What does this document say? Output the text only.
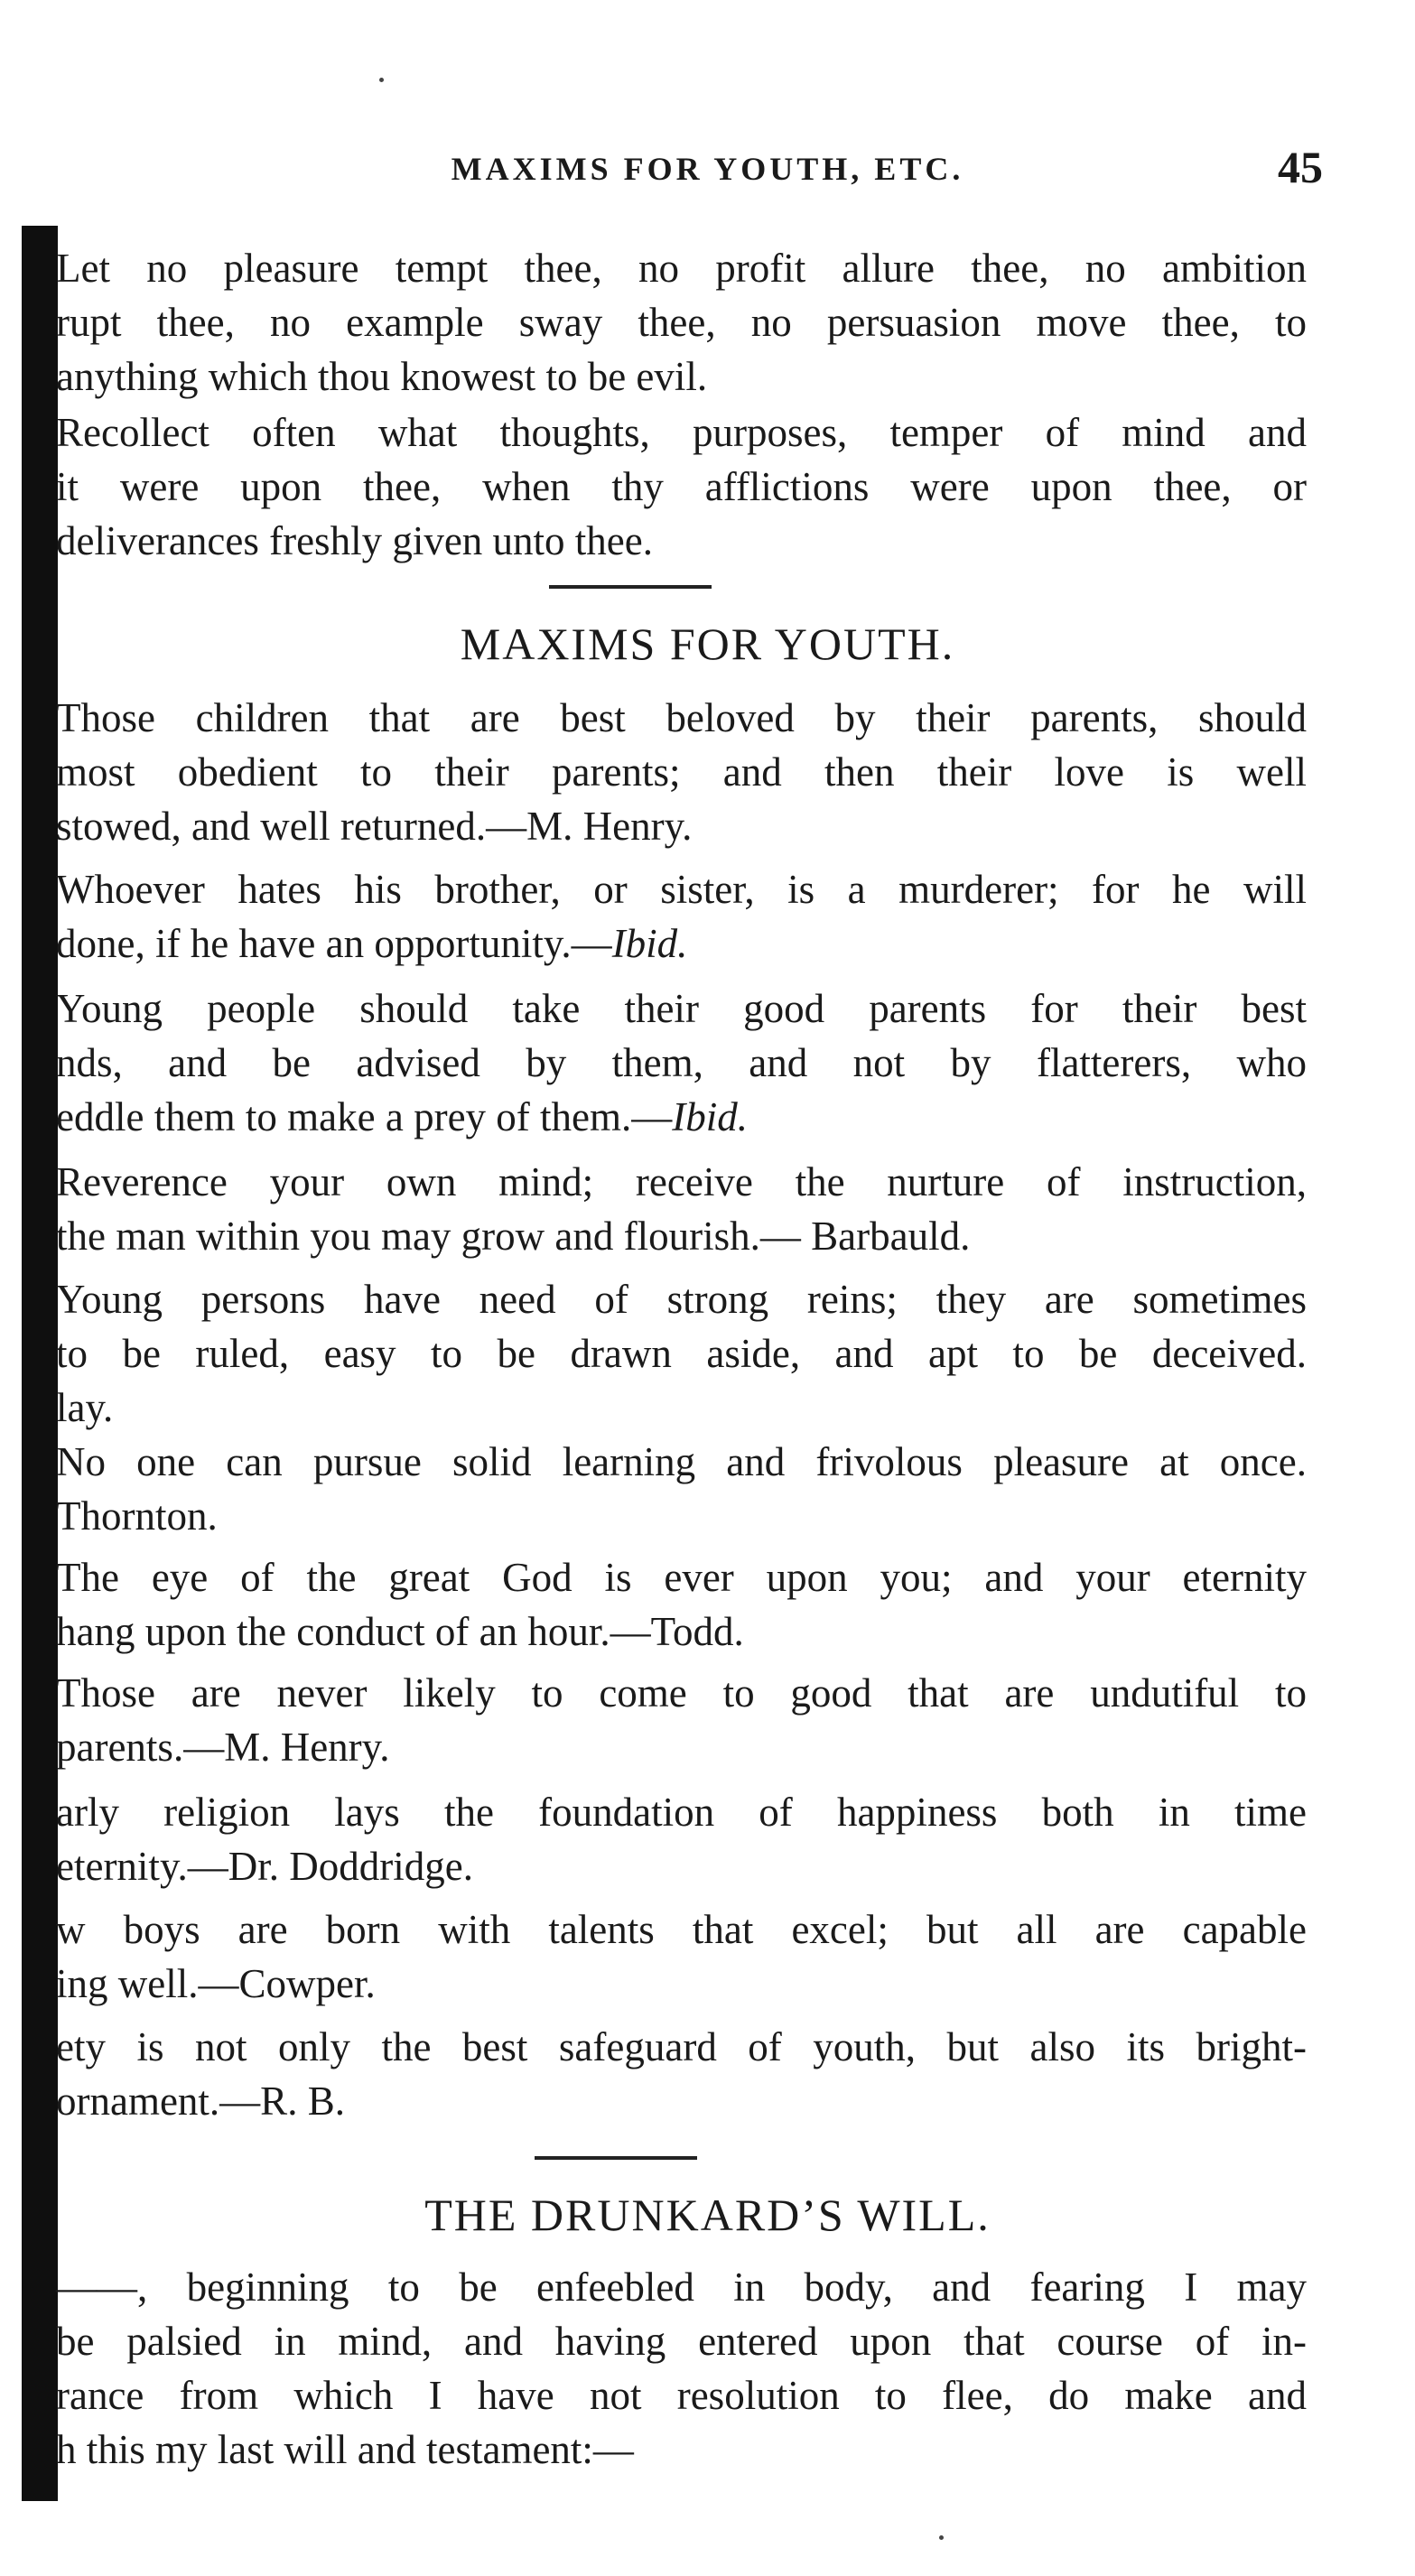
MAXIMS FOR YOUTH, ETC.	45
Let no pleasure tempt thee, no profit allure thee, no ambition
rupt thee, no example sway thee, no persuasion move thee, to
anything which thou knowest to be evil.
Recollect often what thoughts, purposes, temper of mind and
it were upon thee, when thy afflictions were upon thee, or
deliverances freshly given unto thee.
MAXIMS FOR YOUTH.
Those children that are best beloved by their parents, should
most obedient to their parents; and then their love is well
stowed, and well returned.—M. Henry.
Whoever hates his brother, or sister, is a murderer; for he will
done, if he have an opportunity.—Ibid.
Young people should take their good parents for their best
nds, and be advised by them, and not by flatterers, who
eddle them to make a prey of them.—Ibid.
Reverence your own mind; receive the nurture of instruction,
the man within you may grow and flourish.— Barbauld.
Young persons have need of strong reins; they are sometimes
to be ruled, easy to be drawn aside, and apt to be deceived.
lay.
No one can pursue solid learning and frivolous pleasure at once.
Thornton.
The eye of the great God is ever upon you; and your eternity
hang upon the conduct of an hour.—Todd.
Those are never likely to come to good that are undutiful to
parents.—M. Henry.
arly religion lays the foundation of happiness both in time
eternity.—Dr. Doddridge.
w boys are born with talents that excel; but all are capable
ing well.—Cowper.
ety is not only the best safeguard of youth, but also its bright-
ornament.—R. B.
THE DRUNKARD’S WILL.
——, beginning to be enfeebled in body, and fearing I may
be palsied in mind, and having entered upon that course of in-
rance from which I have not resolution to flee, do make and
h this my last will and testament:—
